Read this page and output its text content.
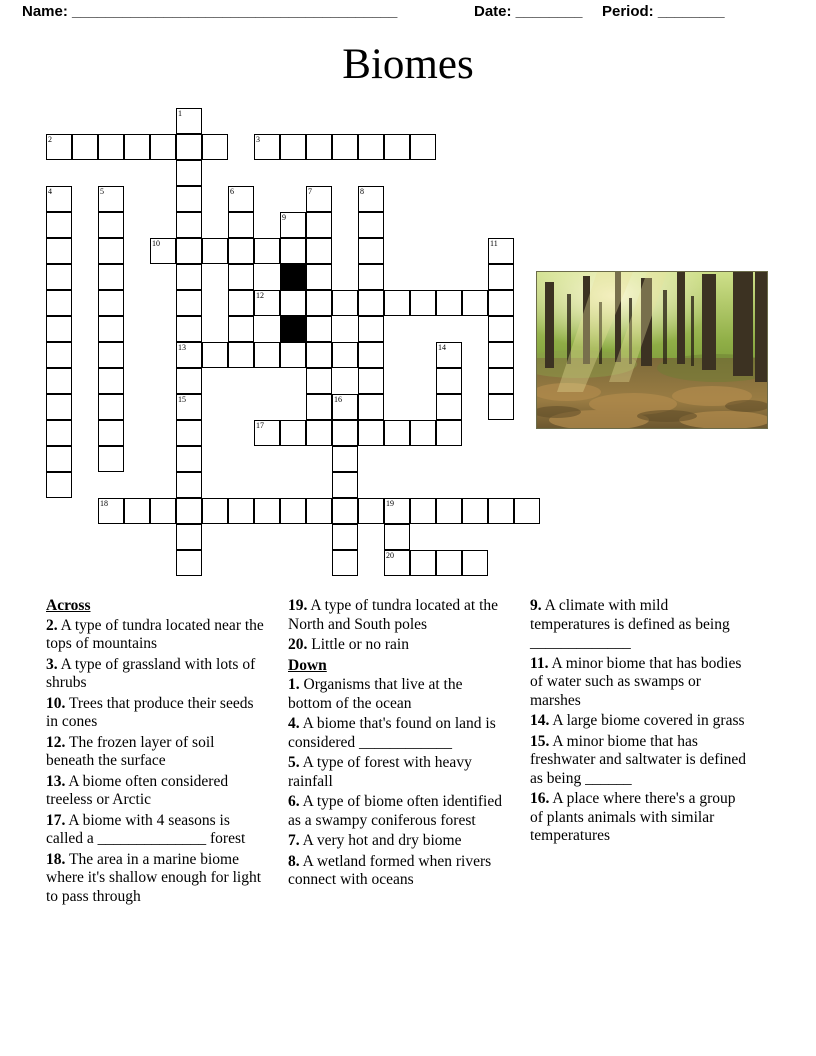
Name: _______________________________________	Date: ________ Period: ________
Biomes
1
2	3
4	5	6	7	8
9
10	11
12
13	14
15	16
17
18	19
20
Across

2. A type of tundra located near the tops of mountains

3. A type of grassland with lots of shrubs

10. Trees that produce their seeds in cones

12. The frozen layer of soil beneath the surface

13. A biome often considered treeless or Arctic

17. A biome with 4 seasons is called a ______________ forest

18. The area in a marine biome where it's shallow enough for light to pass through

19. A type of tundra located at the North and South poles

20. Little or no rain

Down

1. Organisms that live at the bottom of the ocean

4. A biome that's found on land is considered ____________

5. A type of forest with heavy rainfall

6. A type of biome often identified as a swampy coniferous forest

7. A very hot and dry biome

8. A wetland formed when rivers connect with oceans

9. A climate with mild temperatures is defined as being _____________

11. A minor biome that has bodies of water such as swamps or marshes

14. A large biome covered in grass

15. A minor biome that has freshwater and saltwater is defined as being ______

16. A place where there's a group of plants animals with similar temperatures
